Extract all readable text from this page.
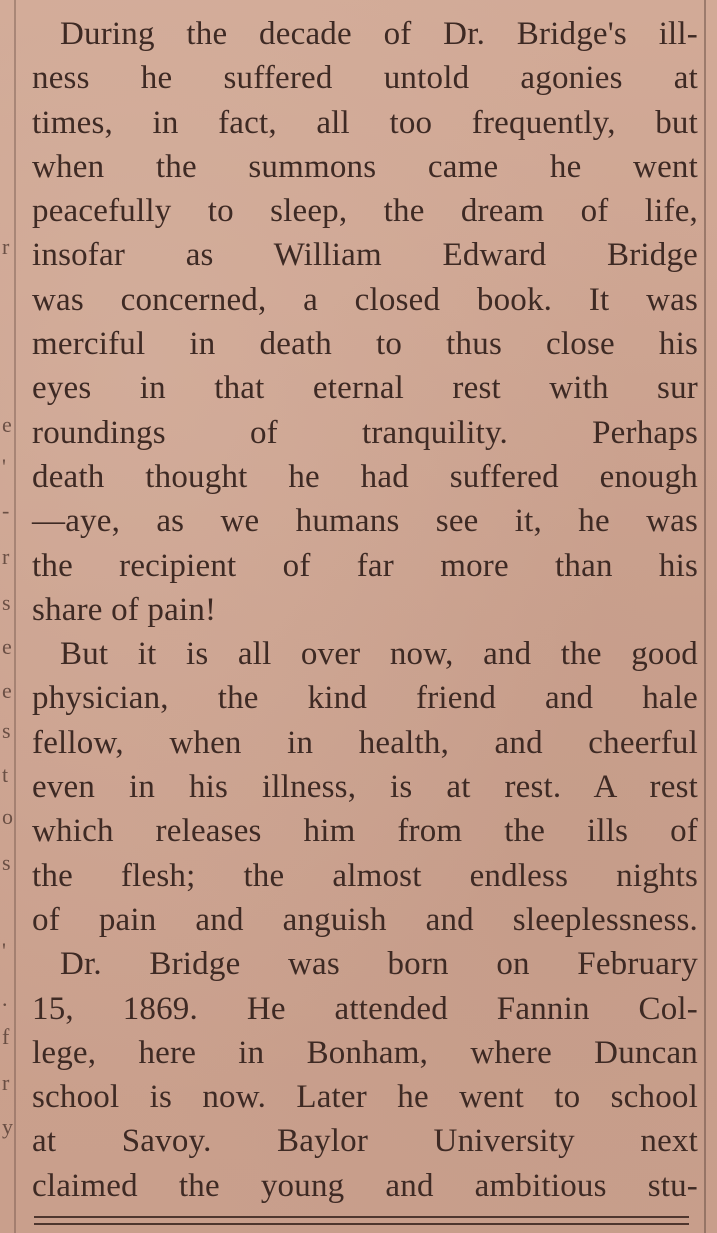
r
e
'
-
r
s
e
e
s
t
o
s
'
.
f
r
y
During the decade of Dr. Bridge's ill-
ness he suffered untold agonies at
times, in fact, all too frequently, but
when the summons came he went
peacefully to sleep, the dream of life,
insofar as William Edward Bridge
was concerned, a closed book. It was
merciful in death to thus close his
eyes in that eternal rest with sur
roundings of tranquility. Perhaps
death thought he had suffered enough
—aye, as we humans see it, he was
the recipient of far more than his
share of pain!
But it is all over now, and the good
physician, the kind friend and hale
fellow, when in health, and cheerful
even in his illness, is at rest. A rest
which releases him from the ills of
the flesh; the almost endless nights
of pain and anguish and sleeplessness.
Dr. Bridge was born on February
15, 1869. He attended Fannin Col-
lege, here in Bonham, where Duncan
school is now. Later he went to school
at Savoy. Baylor University next
claimed the young and ambitious stu-
